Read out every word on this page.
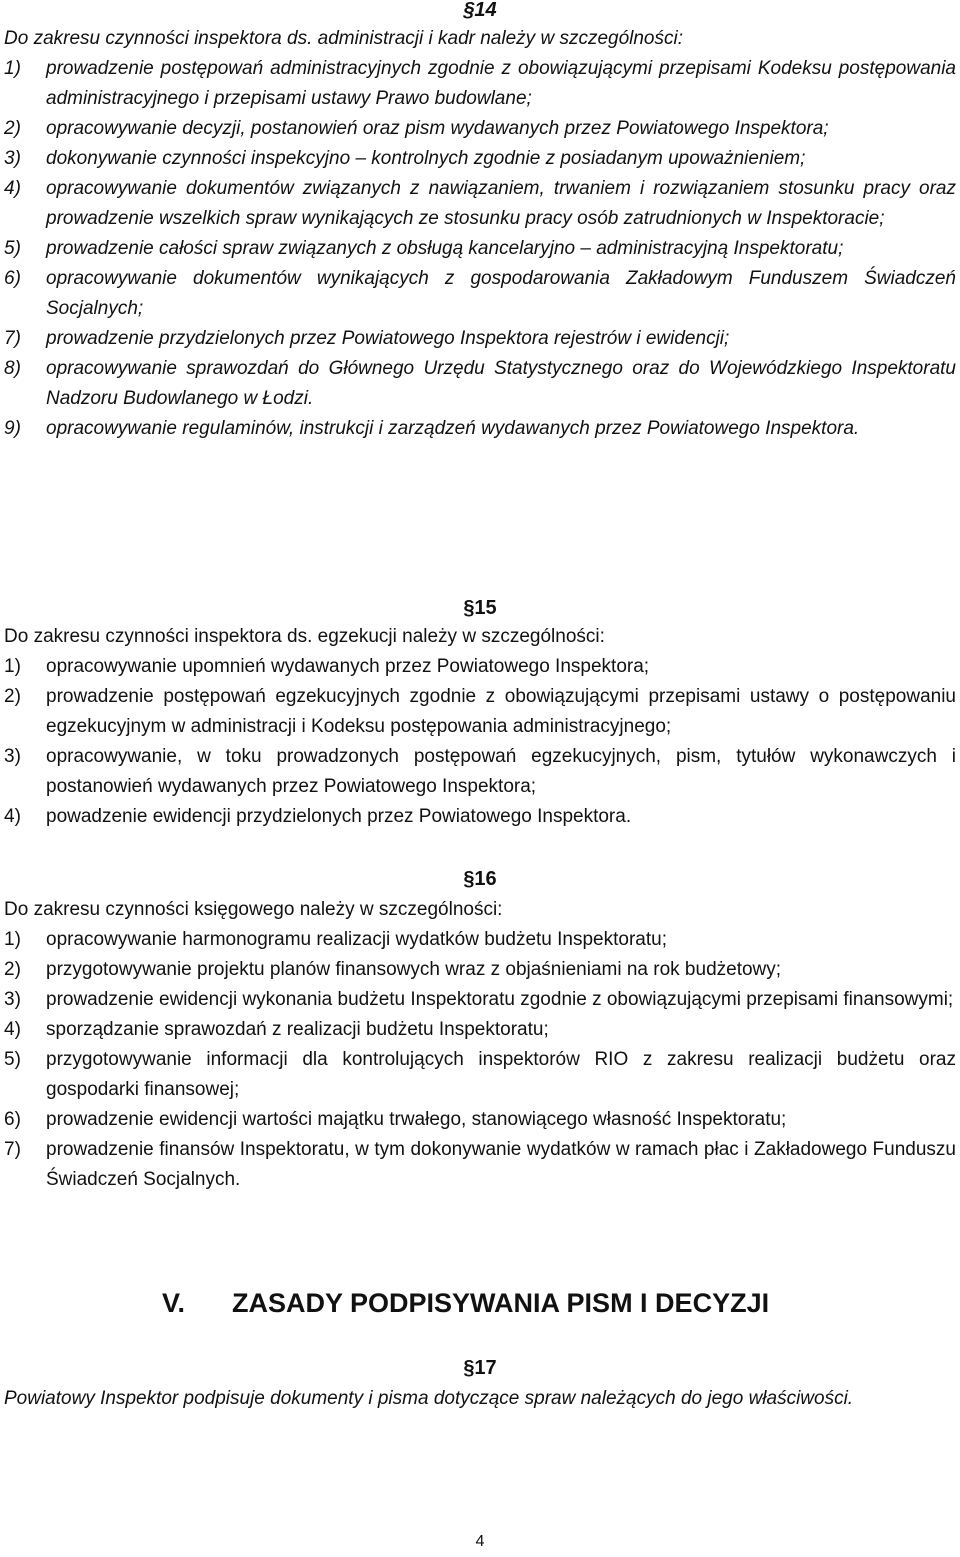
§14

Do zakresu czynności inspektora ds. administracji i kadr należy w szczególności:

1)	prowadzenie postępowań administracyjnych zgodnie z obowiązującymi przepisami Kodeksu postępowania administracyjnego i przepisami ustawy Prawo budowlane;
2)	opracowywanie decyzji, postanowień oraz pism wydawanych przez Powiatowego Inspektora;
3)	dokonywanie czynności inspekcyjno – kontrolnych zgodnie z posiadanym upoważnieniem;
4)	opracowywanie dokumentów związanych z nawiązaniem, trwaniem i rozwiązaniem stosunku pracy oraz prowadzenie wszelkich spraw wynikających ze stosunku pracy osób zatrudnionych w Inspektoracie;
5)	prowadzenie całości spraw związanych z obsługą kancelaryjno – administracyjną Inspektoratu;
6)	opracowywanie dokumentów wynikających z gospodarowania Zakładowym Funduszem Świadczeń Socjalnych;
7)	prowadzenie przydzielonych przez Powiatowego Inspektora rejestrów i ewidencji;
8)	opracowywanie sprawozdań do Głównego Urzędu Statystycznego oraz do Wojewódzkiego Inspektoratu Nadzoru Budowlanego w Łodzi.
9)	opracowywanie regulaminów, instrukcji i zarządzeń wydawanych przez Powiatowego Inspektora.
§15

Do zakresu czynności inspektora ds. egzekucji należy w szczególności:

1)	opracowywanie upomnień wydawanych przez Powiatowego Inspektora;
2)	prowadzenie postępowań egzekucyjnych zgodnie z obowiązującymi przepisami ustawy o postępowaniu egzekucyjnym w administracji i Kodeksu postępowania administracyjnego;
3)	opracowywanie, w toku prowadzonych postępowań egzekucyjnych, pism, tytułów wykonawczych i postanowień wydawanych przez Powiatowego Inspektora;
4)	powadzenie ewidencji przydzielonych przez Powiatowego Inspektora.
§16

Do zakresu czynności księgowego należy w szczególności:

1)	opracowywanie harmonogramu realizacji wydatków budżetu Inspektoratu;
2)	przygotowywanie projektu planów finansowych wraz z objaśnieniami na rok budżetowy;
3)	prowadzenie ewidencji wykonania budżetu Inspektoratu zgodnie z obowiązującymi przepisami finansowymi;
4)	sporządzanie sprawozdań z realizacji budżetu Inspektoratu;
5)	przygotowywanie informacji dla kontrolujących inspektorów RIO z zakresu realizacji budżetu oraz gospodarki finansowej;
6)	prowadzenie ewidencji wartości majątku trwałego, stanowiącego własność Inspektoratu;
7)	prowadzenie finansów Inspektoratu, w tym dokonywanie wydatków w ramach płac i Zakładowego Funduszu Świadczeń Socjalnych.
V. ZASADY PODPISYWANIA PISM I DECYZJI
§17

Powiatowy Inspektor podpisuje dokumenty i pisma dotyczące spraw należących do jego właściwości.

4
